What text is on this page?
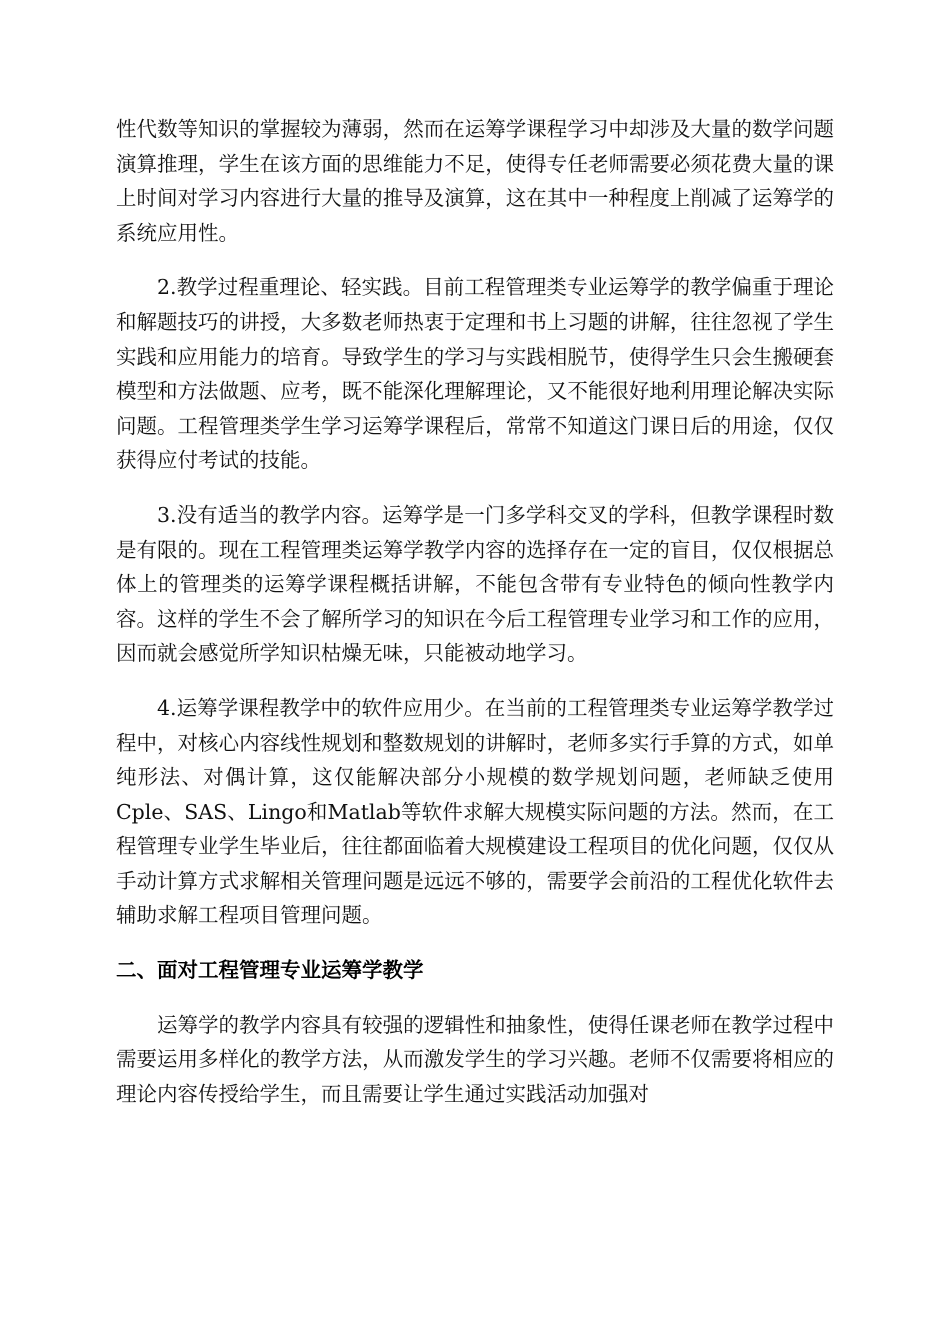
性代数等知识的掌握较为薄弱，然而在运筹学课程学习中却涉及大量的数学问题演算推理，学生在该方面的思维能力不足，使得专任老师需要必须花费大量的课上时间对学习内容进行大量的推导及演算，这在其中一种程度上削减了运筹学的系统应用性。

2.教学过程重理论、轻实践。目前工程管理类专业运筹学的教学偏重于理论和解题技巧的讲授，大多数老师热衷于定理和书上习题的讲解，往往忽视了学生实践和应用能力的培育。导致学生的学习与实践相脱节，使得学生只会生搬硬套模型和方法做题、应考，既不能深化理解理论，又不能很好地利用理论解决实际问题。工程管理类学生学习运筹学课程后，常常不知道这门课日后的用途，仅仅获得应付考试的技能。

3.没有适当的教学内容。运筹学是一门多学科交叉的学科，但教学课程时数是有限的。现在工程管理类运筹学教学内容的选择存在一定的盲目，仅仅根据总体上的管理类的运筹学课程概括讲解，不能包含带有专业特色的倾向性教学内容。这样的学生不会了解所学习的知识在今后工程管理专业学习和工作的应用，因而就会感觉所学知识枯燥无味，只能被动地学习。

4.运筹学课程教学中的软件应用少。在当前的工程管理类专业运筹学教学过程中，对核心内容线性规划和整数规划的讲解时，老师多实行手算的方式，如单纯形法、对偶计算，这仅能解决部分小规模的数学规划问题，老师缺乏使用Cple、SAS、Lingo和Matlab等软件求解大规模实际问题的方法。然而，在工程管理专业学生毕业后，往往都面临着大规模建设工程项目的优化问题，仅仅从手动计算方式求解相关管理问题是远远不够的，需要学会前沿的工程优化软件去辅助求解工程项目管理问题。

二、面对工程管理专业运筹学教学

运筹学的教学内容具有较强的逻辑性和抽象性，使得任课老师在教学过程中需要运用多样化的教学方法，从而激发学生的学习兴趣。老师不仅需要将相应的理论内容传授给学生，而且需要让学生通过实践活动加强对
